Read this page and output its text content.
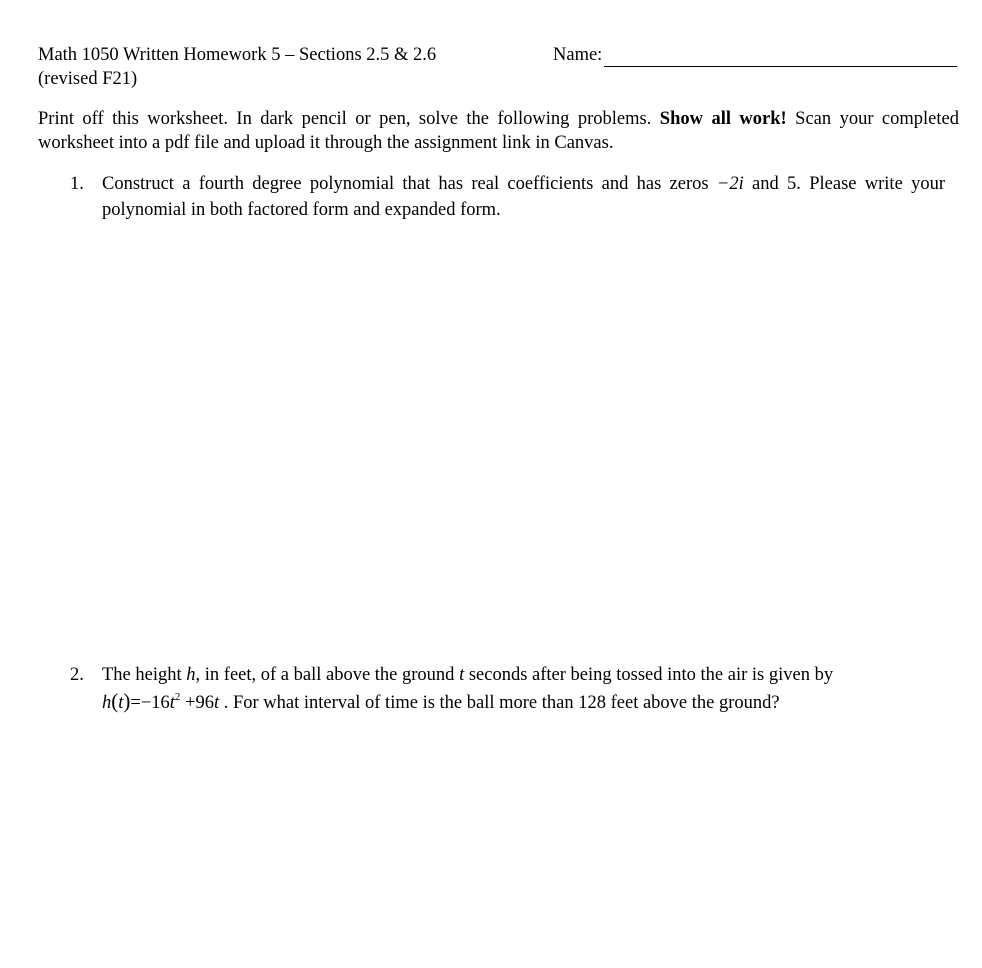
Math 1050 Written Homework 5 – Sections 2.5 & 2.6
(revised F21)
Name:
Print off this worksheet. In dark pencil or pen, solve the following problems. Show all work! Scan your completed
worksheet into a pdf file and upload it through the assignment link in Canvas.
1. Construct a fourth degree polynomial that has real coefficients and has zeros −2i and 5. Please write your
polynomial in both factored form and expanded form.
2. The height h, in feet, of a ball above the ground t seconds after being tossed into the air is given by
$h(t)=-16t^2 +96t$ . For what interval of time is the ball more than 128 feet above the ground?
